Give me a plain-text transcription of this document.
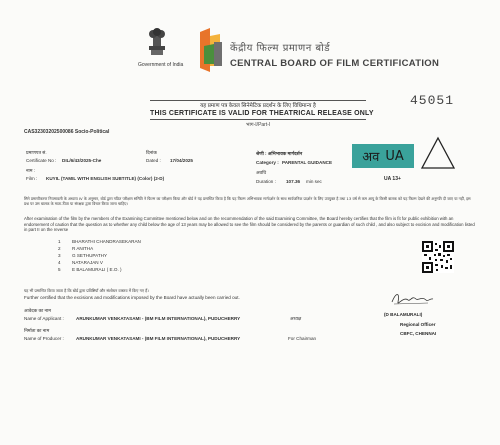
Government of India
केंद्रीय फिल्म प्रमाणन बोर्ड
CENTRAL BOARD OF FILM CERTIFICATION
45051
यह प्रमाण पत्र केवल सिनेमेटिक प्रदर्शन के लिए विधिमान्य है
THIS CERTIFICATE IS VALID FOR THEATRICAL RELEASE ONLY
भाग-I/Part-I
CAS32303202500086 Socio-Political
प्रमाणपत्र सं.
Certificate No : DIL/6/43/2025-Che
दिनांक
Dated : 17/04/2025
नाम :
Film : KUYIL (TAMIL WITH ENGLISH SUBTITLE) (Color) (2-D)
श्रेणी : अभिभावक मार्गदर्शन
Category : PARENTAL GUIDANCE
अवधि
Duration : 107.36 min sec
अव UA
UA 13+
सिने प्रमाणीकरण नियमावली के अध्याय IV के अनुसार, बोर्ड द्वारा गठित परीक्षण समिति ने फिल्म का परीक्षण किया और बोर्ड ने यह प्रमाणित किया है कि यह फिल्म अभिभावक मार्गदर्शन के साथ सार्वजनिक प्रदर्शन के लिए उपयुक्त है तथा 13 वर्ष से कम आयु के किसी बालक को यह फिल्म देखने की अनुमति दी जाए या नहीं, इस प्रश्न पर उस बालक के माता-पिता या संरक्षक द्वारा विचार किया जाना चाहिए।
After examination of the film by the members of the Examining Committee mentioned below and on the recommendation of the said Examining Committee, the Board hereby certifies that the film is fit for public exhibition with an endorsement of caution that the question as to whether any child below the age of 13 years may be allowed to see the film should be considered by the parents or guardian of such child , and also subject to excision and modification listed in part II on the reverse
1 BHARATHI CHANDRASEKARAN
2 R ANITHA
3 G SETHUPATHY
4 NATARAJAN V
5 E BALAMURALI ( E.O. )
यह भी प्रमाणित किया जाता है कि बोर्ड द्वारा प्रविष्टियाँ और संशोधन वास्तव में किए गए हैं।
Further certified that the excisions and modifications imposed by the Board have actually been carried out.
(D BALAMURALI)
Regional Officer
CBFC, CHENNAI
आवेदक का नाम
Name of Applicant :	ARUNKUMAR VENKATASAMI - (BM FILM INTERNATIONAL), PUDUCHERRY	अध्यक्ष
निर्माता का नाम
Name of Producer :	ARUNKUMAR VENKATASAMI - (BM FILM INTERNATIONAL), PUDUCHERRY	For Chairman
